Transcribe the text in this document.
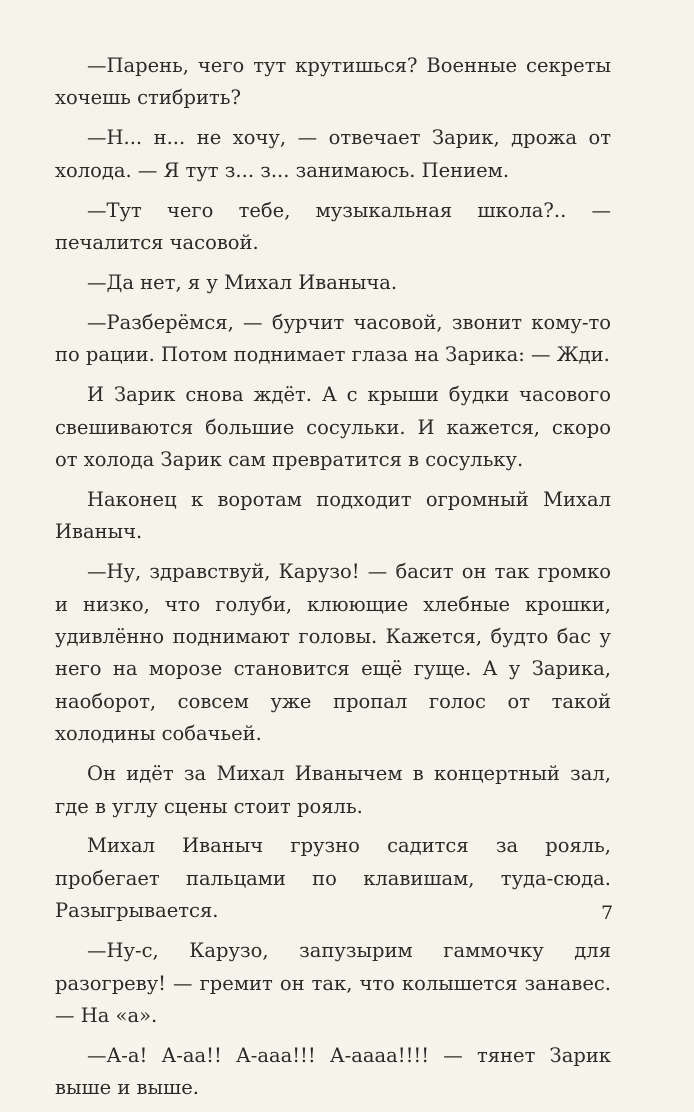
—Парень, чего тут крутишься? Военные секреты хочешь стибрить?

—Н... н... не хочу, — отвечает Зарик, дрожа от холода. — Я тут з... з... занимаюсь. Пением.

—Тут чего тебе, музыкальная школа?.. — печалится часовой.

—Да нет, я у Михал Иваныча.

—Разберёмся, — бурчит часовой, звонит кому-то по рации. Потом поднимает глаза на Зарика: — Жди.

И Зарик снова ждёт. А с крыши будки часового свешиваются большие сосульки. И кажется, скоро от холода Зарик сам превратится в сосульку.

Наконец к воротам подходит огромный Михал Иваныч.

—Ну, здравствуй, Карузо! — басит он так громко и низко, что голуби, клюющие хлебные крошки, удивлённо поднимают головы. Кажется, будто бас у него на морозе становится ещё гуще. А у Зарика, наоборот, совсем уже пропал голос от такой холодины собачьей.

Он идёт за Михал Иванычем в концертный зал, где в углу сцены стоит рояль.

Михал Иваныч грузно садится за рояль, пробегает пальцами по клавишам, туда-сюда. Разыгрывается.

—Ну-с, Карузо, запузырим гаммочку для разогреву! — гремит он так, что колышется занавес. — На «а».

—А-а! А-аа!! А-ааа!!! А-аааа!!!! — тянет Зарик выше и выше.

7
